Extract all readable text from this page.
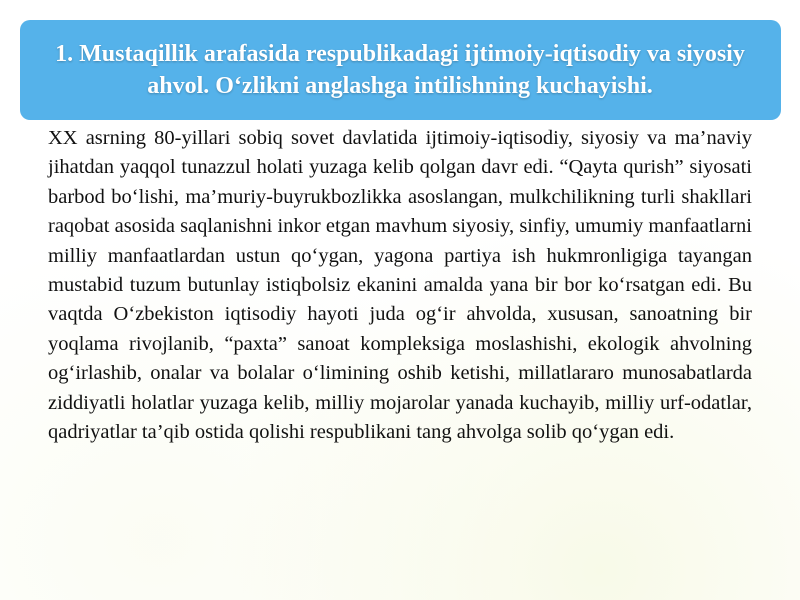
1. Mustaqillik arafasida respublikadagi ijtimoiy-iqtisodiy va siyosiy ahvol. O‘zlikni anglashga intilishning kuchayishi.

XX asrning 80-yillari sobiq sovet davlatida ijtimoiy-iqtisodiy, siyosiy va ma’naviy jihatdan yaqqol tunazzul holati yuzaga kelib qolgan davr edi. “Qayta qurish” siyosati barbod bo‘lishi, ma’muriy-buyrukbozlikka asoslangan, mulkchilikning turli shakllari raqobat asosida saqlanishni inkor etgan mavhum siyosiy, sinfiy, umumiy manfaatlarni milliy manfaatlardan ustun qo‘ygan, yagona partiya ish hukmronligiga tayangan mustabid tuzum butunlay istiqbolsiz ekanini amalda yana bir bor ko‘rsatgan edi. Bu vaqtda O‘zbekiston iqtisodiy hayoti juda og‘ir ahvolda, xususan, sanoatning bir yoqlama rivojlanib, “paxta” sanoat kompleksiga moslashishi, ekologik ahvolning og‘irlashib, onalar va bolalar o‘limining oshib ketishi, millatlararo munosabatlarda ziddiyatli holatlar yuzaga kelib, milliy mojarolar yanada kuchayib, milliy urf-odatlar, qadriyatlar ta’qib ostida qolishi respublikani tang ahvolga solib qo‘ygan edi.
